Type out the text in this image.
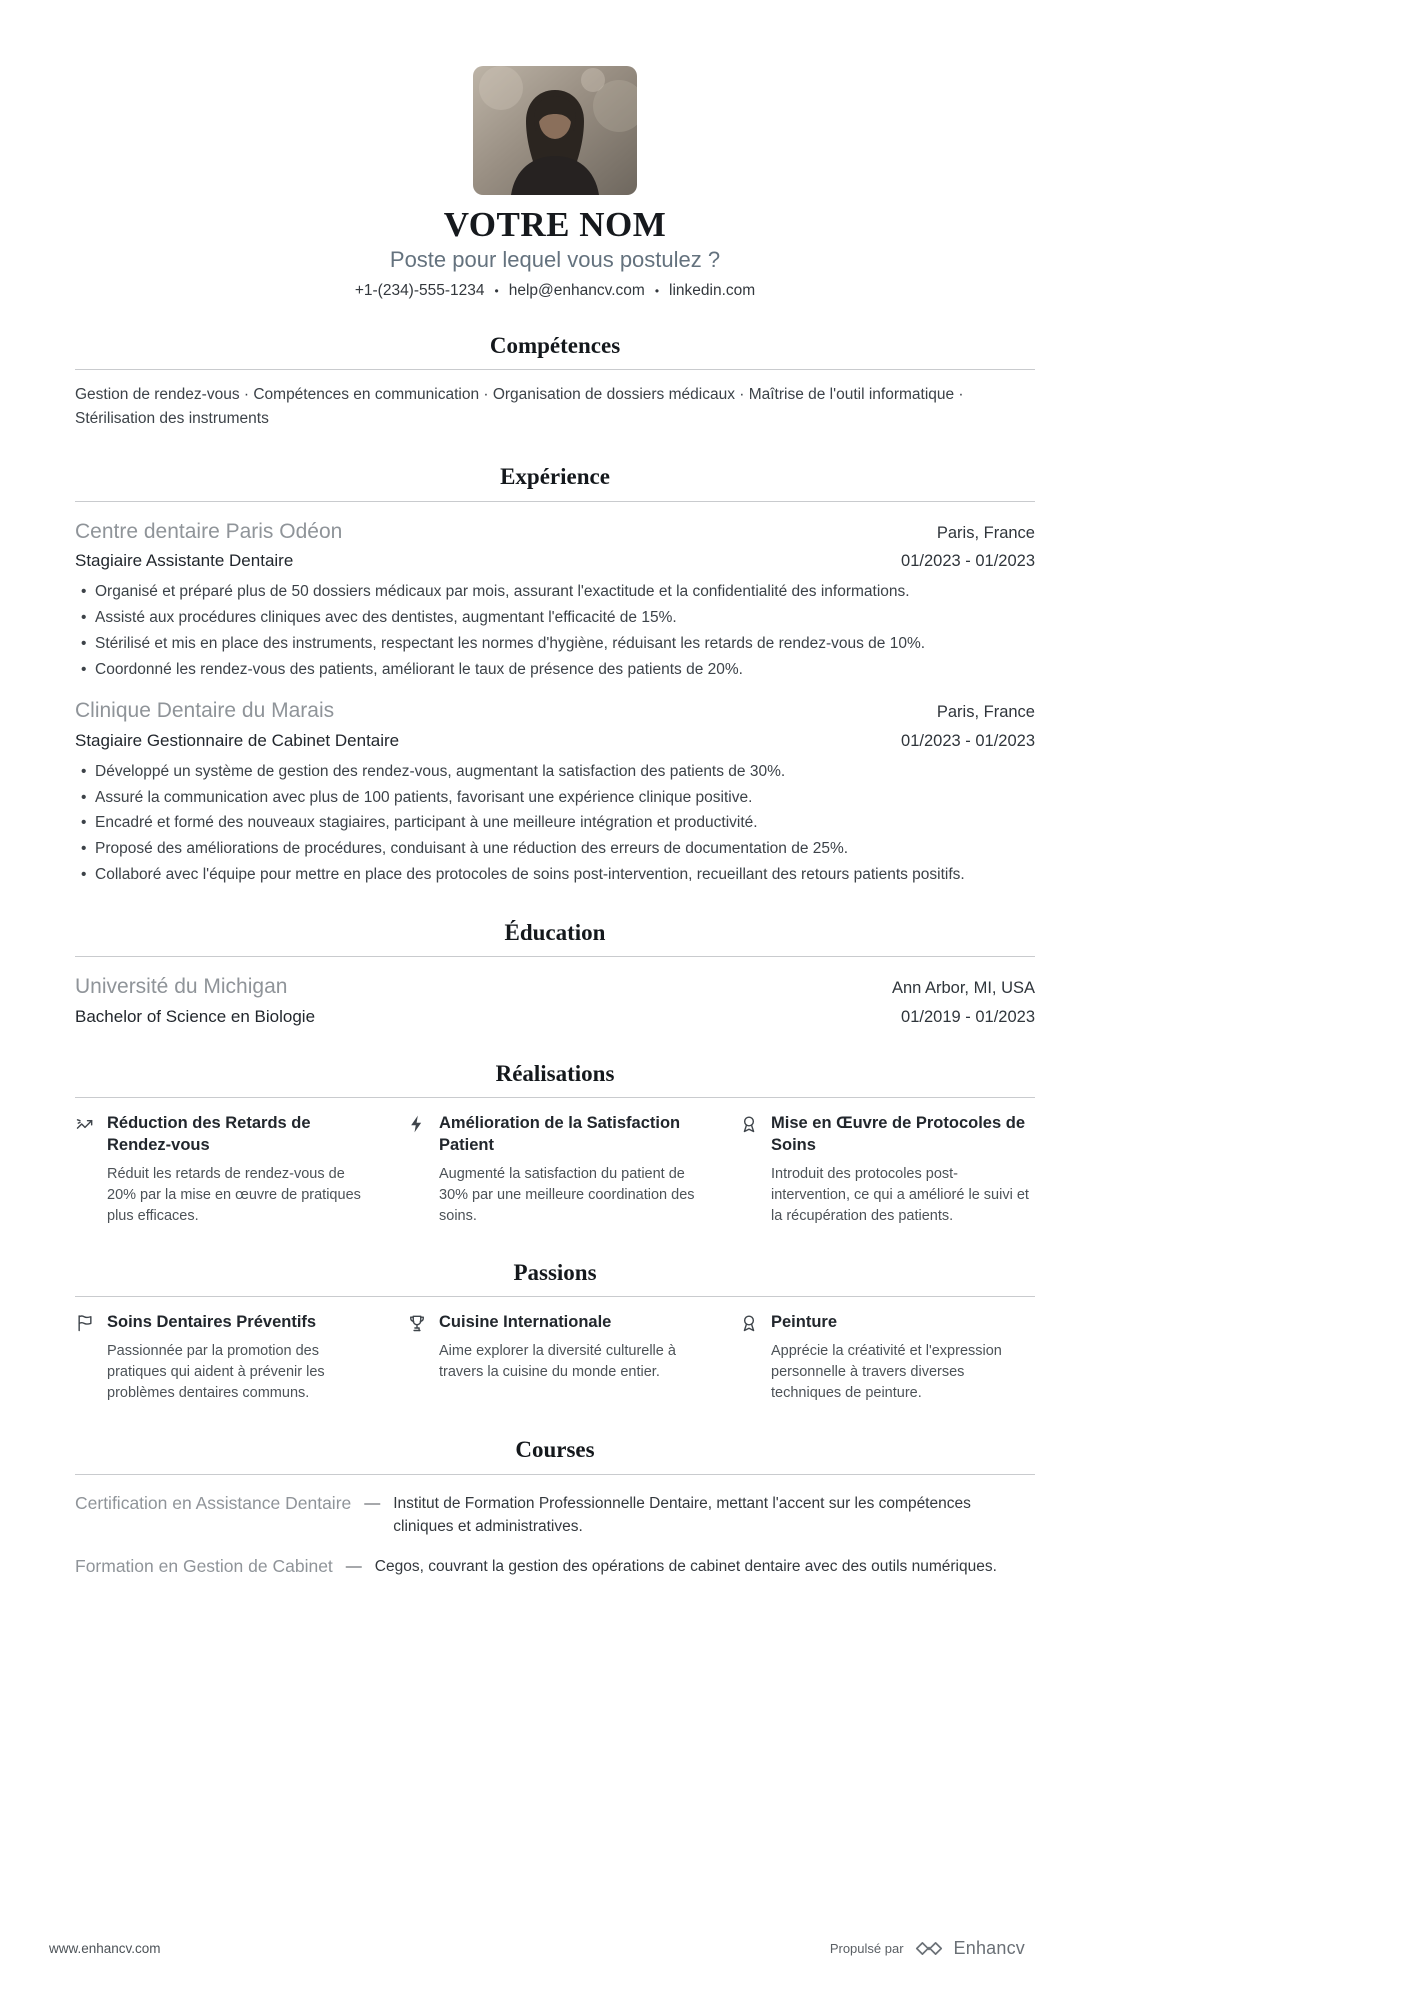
VOTRE NOM
Poste pour lequel vous postulez ?
+1-(234)-555-1234 • help@enhancv.com • linkedin.com
Compétences

Gestion de rendez-vous · Compétences en communication · Organisation de dossiers médicaux · Maîtrise de l'outil informatique · Stérilisation des instruments

Expérience
Centre dentaire Paris Odéon	Paris, France
Stagiaire Assistante Dentaire	01/2023 - 01/2023
• Organisé et préparé plus de 50 dossiers médicaux par mois, assurant l'exactitude et la confidentialité des informations.
• Assisté aux procédures cliniques avec des dentistes, augmentant l'efficacité de 15%.
• Stérilisé et mis en place des instruments, respectant les normes d'hygiène, réduisant les retards de rendez-vous de 10%.
• Coordonné les rendez-vous des patients, améliorant le taux de présence des patients de 20%.
Clinique Dentaire du Marais	Paris, France
Stagiaire Gestionnaire de Cabinet Dentaire	01/2023 - 01/2023
• Développé un système de gestion des rendez-vous, augmentant la satisfaction des patients de 30%.
• Assuré la communication avec plus de 100 patients, favorisant une expérience clinique positive.
• Encadré et formé des nouveaux stagiaires, participant à une meilleure intégration et productivité.
• Proposé des améliorations de procédures, conduisant à une réduction des erreurs de documentation de 25%.
• Collaboré avec l'équipe pour mettre en place des protocoles de soins post-intervention, recueillant des retours patients positifs.
Éducation
Université du Michigan	Ann Arbor, MI, USA
Bachelor of Science en Biologie	01/2019 - 01/2023
Réalisations
Réduction des Retards de Rendez-vous

Réduit les retards de rendez-vous de 20% par la mise en œuvre de pratiques plus efficaces.

Amélioration de la Satisfaction Patient

Augmenté la satisfaction du patient de 30% par une meilleure coordination des soins.

Mise en Œuvre de Protocoles de Soins

Introduit des protocoles post-intervention, ce qui a amélioré le suivi et la récupération des patients.

Passions
Soins Dentaires Préventifs

Passionnée par la promotion des pratiques qui aident à prévenir les problèmes dentaires communs.

Cuisine Internationale

Aime explorer la diversité culturelle à travers la cuisine du monde entier.

Peinture

Apprécie la créativité et l'expression personnelle à travers diverses techniques de peinture.

Courses
Certification en Assistance Dentaire — Institut de Formation Professionnelle Dentaire, mettant l'accent sur les compétences cliniques et administratives.

Formation en Gestion de Cabinet — Cegos, couvrant la gestion des opérations de cabinet dentaire avec des outils numériques.

www.enhancv.com	Propulsé par	Enhancv
